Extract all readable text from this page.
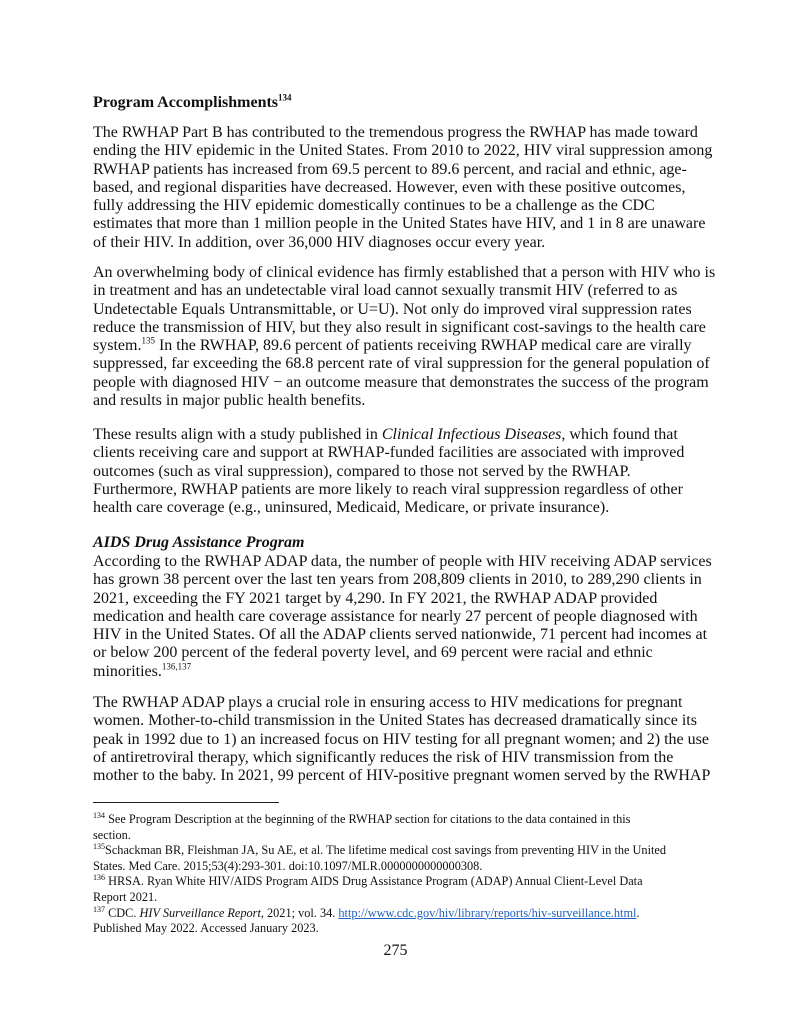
Program Accomplishments$^{134}$
The RWHAP Part B has contributed to the tremendous progress the RWHAP has made toward
ending the HIV epidemic in the United States. From 2010 to 2022, HIV viral suppression among
RWHAP patients has increased from 69.5 percent to 89.6 percent, and racial and ethnic, age-
based, and regional disparities have decreased. However, even with these positive outcomes,
fully addressing the HIV epidemic domestically continues to be a challenge as the CDC
estimates that more than 1 million people in the United States have HIV, and 1 in 8 are unaware
of their HIV. In addition, over 36,000 HIV diagnoses occur every year.
An overwhelming body of clinical evidence has firmly established that a person with HIV who is
in treatment and has an undetectable viral load cannot sexually transmit HIV (referred to as
Undetectable Equals Untransmittable, or U=U). Not only do improved viral suppression rates
reduce the transmission of HIV, but they also result in significant cost-savings to the health care
system.$^{135}$ In the RWHAP, 89.6 percent of patients receiving RWHAP medical care are virally
suppressed, far exceeding the 68.8 percent rate of viral suppression for the general population of
people with diagnosed HIV − an outcome measure that demonstrates the success of the program
and results in major public health benefits.
These results align with a study published in Clinical Infectious Diseases, which found that
clients receiving care and support at RWHAP-funded facilities are associated with improved
outcomes (such as viral suppression), compared to those not served by the RWHAP.
Furthermore, RWHAP patients are more likely to reach viral suppression regardless of other
health care coverage (e.g., uninsured, Medicaid, Medicare, or private insurance).
AIDS Drug Assistance Program
According to the RWHAP ADAP data, the number of people with HIV receiving ADAP services
has grown 38 percent over the last ten years from 208,809 clients in 2010, to 289,290 clients in
2021, exceeding the FY 2021 target by 4,290. In FY 2021, the RWHAP ADAP provided
medication and health care coverage assistance for nearly 27 percent of people diagnosed with
HIV in the United States. Of all the ADAP clients served nationwide, 71 percent had incomes at
or below 200 percent of the federal poverty level, and 69 percent were racial and ethnic
minorities.$^{136,137}$
The RWHAP ADAP plays a crucial role in ensuring access to HIV medications for pregnant
women. Mother-to-child transmission in the United States has decreased dramatically since its
peak in 1992 due to 1) an increased focus on HIV testing for all pregnant women; and 2) the use
of antiretroviral therapy, which significantly reduces the risk of HIV transmission from the
mother to the baby. In 2021, 99 percent of HIV-positive pregnant women served by the RWHAP
$^{134}$ See Program Description at the beginning of the RWHAP section for citations to the data contained in this
section.
$^{135}$Schackman BR, Fleishman JA, Su AE, et al. The lifetime medical cost savings from preventing HIV in the United
States. Med Care. 2015;53(4):293-301. doi:10.1097/MLR.0000000000000308.
$^{136}$ HRSA. Ryan White HIV/AIDS Program AIDS Drug Assistance Program (ADAP) Annual Client-Level Data
Report 2021.
$^{137}$ CDC. HIV Surveillance Report, 2021; vol. 34. http://www.cdc.gov/hiv/library/reports/hiv-surveillance.html.
Published May 2022. Accessed January 2023.
275
